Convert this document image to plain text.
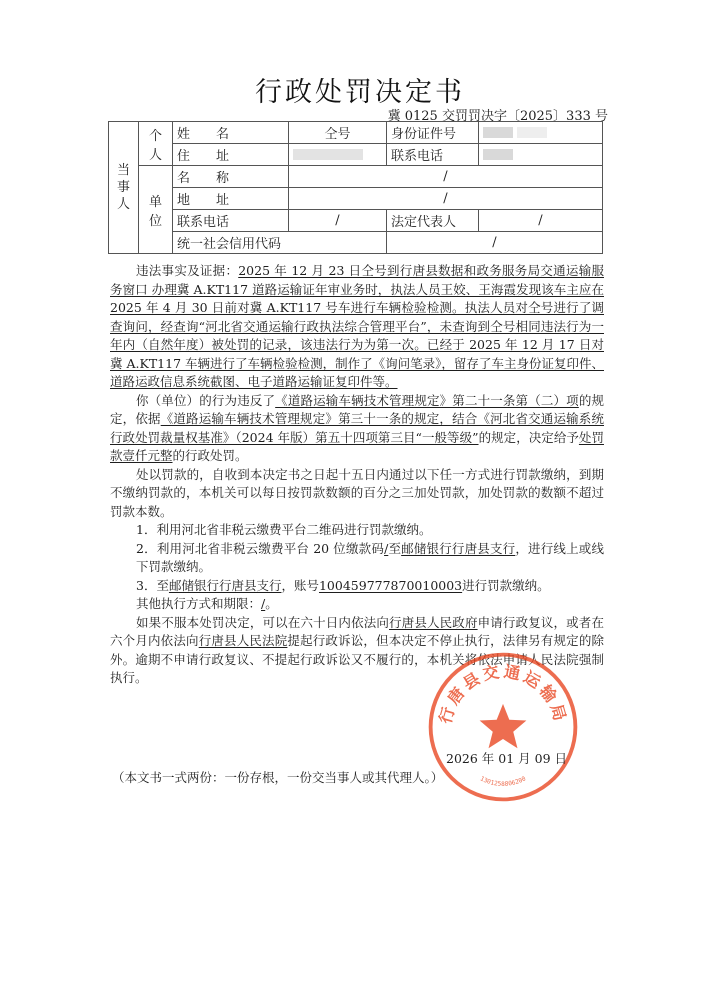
行政处罚决定书
冀 0125 交罚罚决字〔2025〕333 号
当事人	个人	姓　　名	仝号	身份证件号	
		住　　址		联系电话	
	单位	名　　称	/		
		地　　址	/		
		联系电话	/	法定代表人	/
		统一社会信用代码		/	

违法事实及证据：2025 年 12 月 23 日仝号到行唐县数据和政务服务局交通运输服务窗口 办理冀 A.KT117 道路运输证年审业务时，执法人员王姣、王海霞发现该车主应在 2025 年 4 月 30 日前对冀 A.KT117 号车进行车辆检验检测。执法人员对仝号进行了调查询问，经查询“河北省交通运输行政执法综合管理平台”，未查询到仝号相同违法行为一年内（自然年度）被处罚的记录，该违法行为为第一次。已经于 2025 年 12 月 17 日对冀 A.KT117 车辆进行了车辆检验检测，制作了《询问笔录》，留存了车主身份证复印件、道路运政信息系统截图、电子道路运输证复印件等。

你（单位）的行为违反了《道路运输车辆技术管理规定》第二十一条第（二）项的规定，依据《道路运输车辆技术管理规定》第三十一条的规定，结合《河北省交通运输系统行政处罚裁量权基准》（2024 年版）第五十四项第三目“一般等级”的规定，决定给予处罚款壹仟元整的行政处罚。

处以罚款的，自收到本决定书之日起十五日内通过以下任一方式进行罚款缴纳，到期不缴纳罚款的，本机关可以每日按罚款数额的百分之三加处罚款，加处罚款的数额不超过罚款本数。

1．利用河北省非税云缴费平台二维码进行罚款缴纳。

2．利用河北省非税云缴费平台 20 位缴款码/至邮储银行行唐县支行，进行线上或线下罚款缴纳。

3．至邮储银行行唐县支行，账号100459777870010003进行罚款缴纳。

其他执行方式和期限：/。

如果不服本处罚决定，可以在六十日内依法向行唐县人民政府申请行政复议，或者在六个月内依法向行唐县人民法院提起行政诉讼，但本决定不停止执行，法律另有规定的除外。逾期不申请行政复议、不提起行政诉讼又不履行的，本机关将依法申请人民法院强制执行。

行唐县交通运输局
1301258806200
2026 年 01 月 09 日
（本文书一式两份：一份存根，一份交当事人或其代理人。）
